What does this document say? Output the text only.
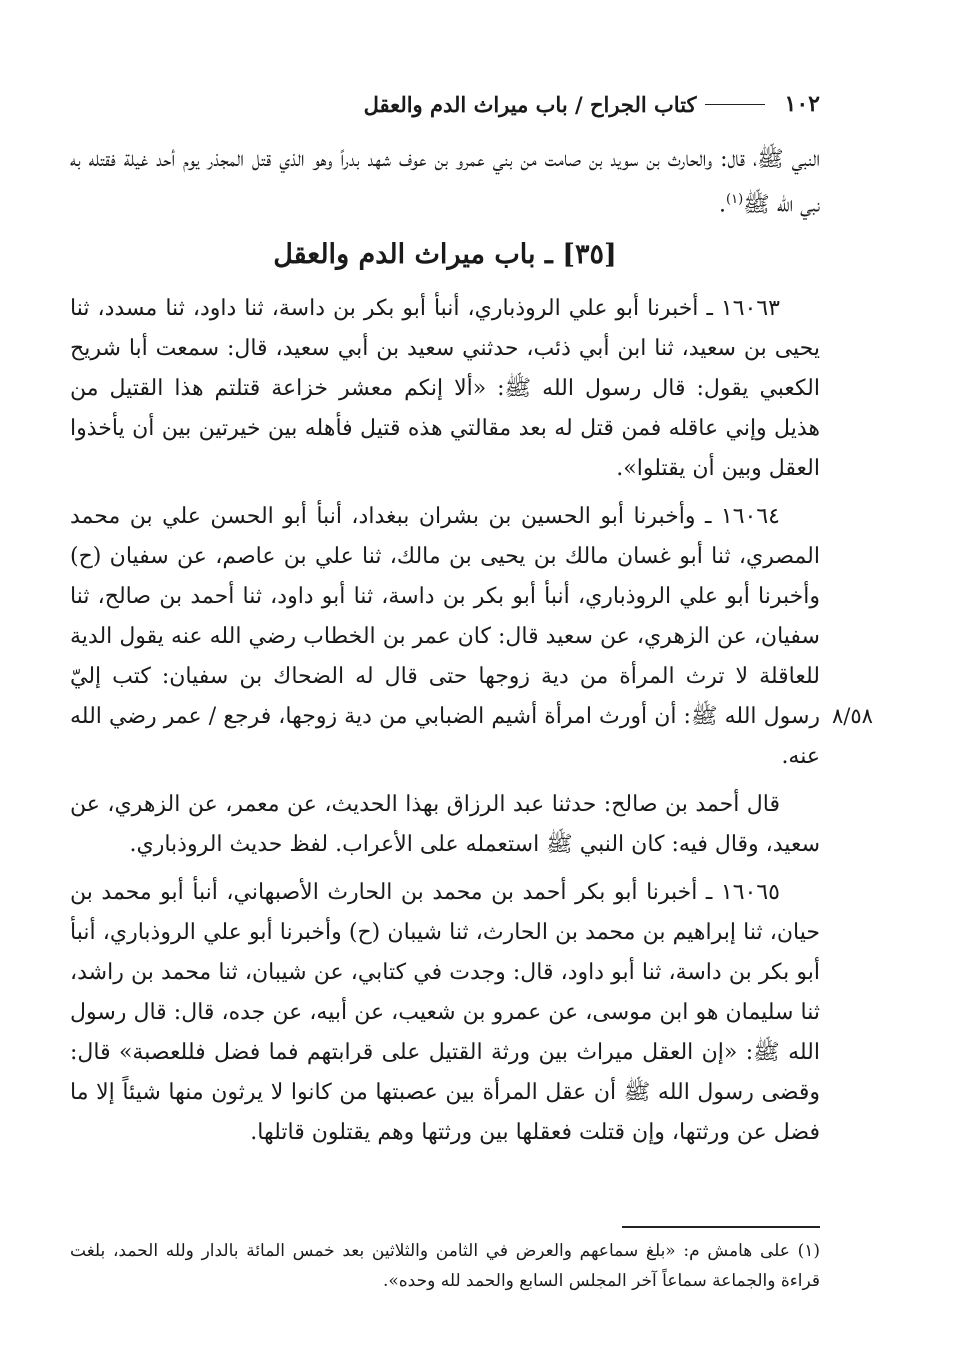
١٠٢
كتاب الجراح / باب ميراث الدم والعقل

النبي ﷺ، قال: والحارث بن سويد بن صامت من بني عمرو بن عوف شهد بدراً وهو الذي قتل المجذر يوم أحد غيلة فقتله به نبي الله ﷺ$^{(١)}$.

[٣٥] ـ باب ميراث الدم والعقل

١٦٠٦٣ ـ أخبرنا أبو علي الروذباري، أنبأ أبو بكر بن داسة، ثنا داود، ثنا مسدد، ثنا يحيى بن سعيد، ثنا ابن أبي ذئب، حدثني سعيد بن أبي سعيد، قال: سمعت أبا شريح الكعبي يقول: قال رسول الله ﷺ: «ألا إنكم معشر خزاعة قتلتم هذا القتيل من هذيل وإني عاقله فمن قتل له بعد مقالتي هذه قتيل فأهله بين خيرتين بين أن يأخذوا العقل وبين أن يقتلوا».

١٦٠٦٤ ـ وأخبرنا أبو الحسين بن بشران ببغداد، أنبأ أبو الحسن علي بن محمد المصري، ثنا أبو غسان مالك بن يحيى بن مالك، ثنا علي بن عاصم، عن سفيان (ح) وأخبرنا أبو علي الروذباري، أنبأ أبو بكر بن داسة، ثنا أبو داود، ثنا أحمد بن صالح، ثنا سفيان، عن الزهري، عن سعيد قال: كان عمر بن الخطاب رضي الله عنه يقول الدية للعاقلة لا ترث المرأة من دية زوجها حتى قال له الضحاك بن سفيان: كتب إليّ رسول الله ﷺ: أن أورث امرأة أشيم الضبابي من دية زوجها، فرجع / عمر رضي الله عنه.

قال أحمد بن صالح: حدثنا عبد الرزاق بهذا الحديث، عن معمر، عن الزهري، عن سعيد، وقال فيه: كان النبي ﷺ استعمله على الأعراب. لفظ حديث الروذباري.

١٦٠٦٥ ـ أخبرنا أبو بكر أحمد بن محمد بن الحارث الأصبهاني، أنبأ أبو محمد بن حيان، ثنا إبراهيم بن محمد بن الحارث، ثنا شيبان (ح) وأخبرنا أبو علي الروذباري، أنبأ أبو بكر بن داسة، ثنا أبو داود، قال: وجدت في كتابي، عن شيبان، ثنا محمد بن راشد، ثنا سليمان هو ابن موسى، عن عمرو بن شعيب، عن أبيه، عن جده، قال: قال رسول الله ﷺ: «إن العقل ميراث بين ورثة القتيل على قرابتهم فما فضل فللعصبة» قال: وقضى رسول الله ﷺ أن عقل المرأة بين عصبتها من كانوا لا يرثون منها شيئاً إلا ما فضل عن ورثتها، وإن قتلت فعقلها بين ورثتها وهم يقتلون قاتلها.

٨/٥٨

(١) على هامش م: «بلغ سماعهم والعرض في الثامن والثلاثين بعد خمس المائة بالدار ولله الحمد، بلغت قراءة والجماعة سماعاً آخر المجلس السابع والحمد لله وحده».
